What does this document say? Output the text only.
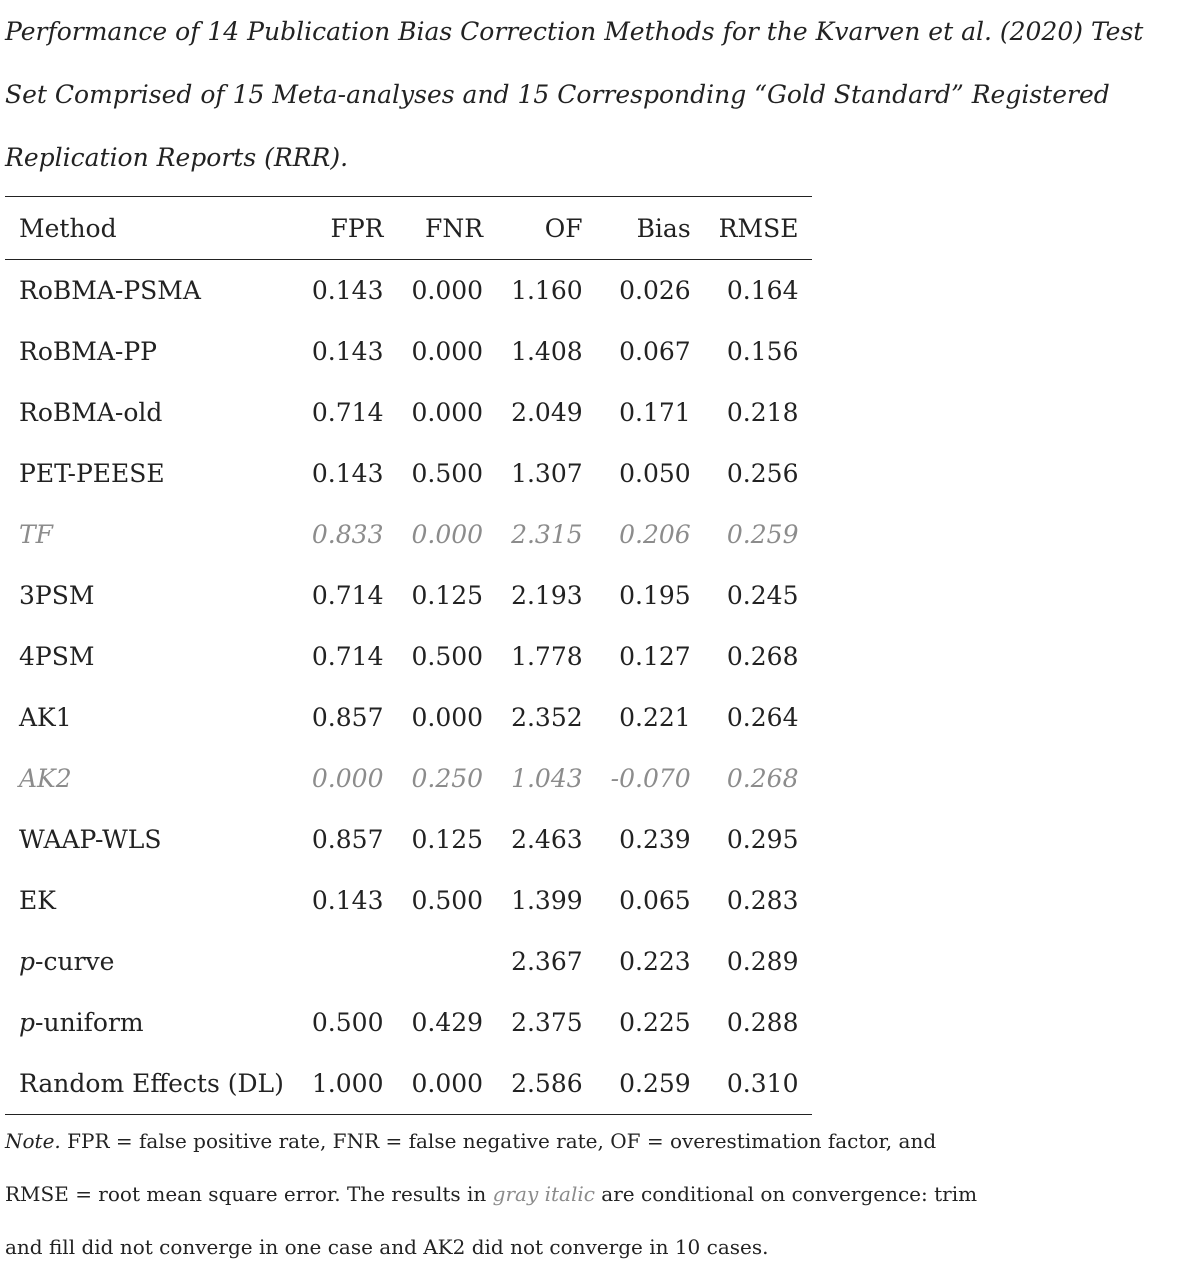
Performance of 14 Publication Bias Correction Methods for the Kvarven et al. (2020) Test
Set Comprised of 15 Meta-analyses and 15 Corresponding “Gold Standard” Registered
Replication Reports (RRR).

Method	FPR	FNR	OF	Bias	RMSE
RoBMA-PSMA	0.143	0.000	1.160	0.026	0.164
RoBMA-PP	0.143	0.000	1.408	0.067	0.156
RoBMA-old	0.714	0.000	2.049	0.171	0.218
PET-PEESE	0.143	0.500	1.307	0.050	0.256
TF	0.833	0.000	2.315	0.206	0.259
3PSM	0.714	0.125	2.193	0.195	0.245
4PSM	0.714	0.500	1.778	0.127	0.268
AK1	0.857	0.000	2.352	0.221	0.264
AK2	0.000	0.250	1.043	-0.070	0.268
WAAP-WLS	0.857	0.125	2.463	0.239	0.295
EK	0.143	0.500	1.399	0.065	0.283
p-curve			2.367	0.223	0.289
p-uniform	0.500	0.429	2.375	0.225	0.288
Random Effects (DL)	1.000	0.000	2.586	0.259	0.310

Note. FPR = false positive rate, FNR = false negative rate, OF = overestimation factor, and
RMSE = root mean square error. The results in gray italic are conditional on convergence: trim
and fill did not converge in one case and AK2 did not converge in 10 cases.
